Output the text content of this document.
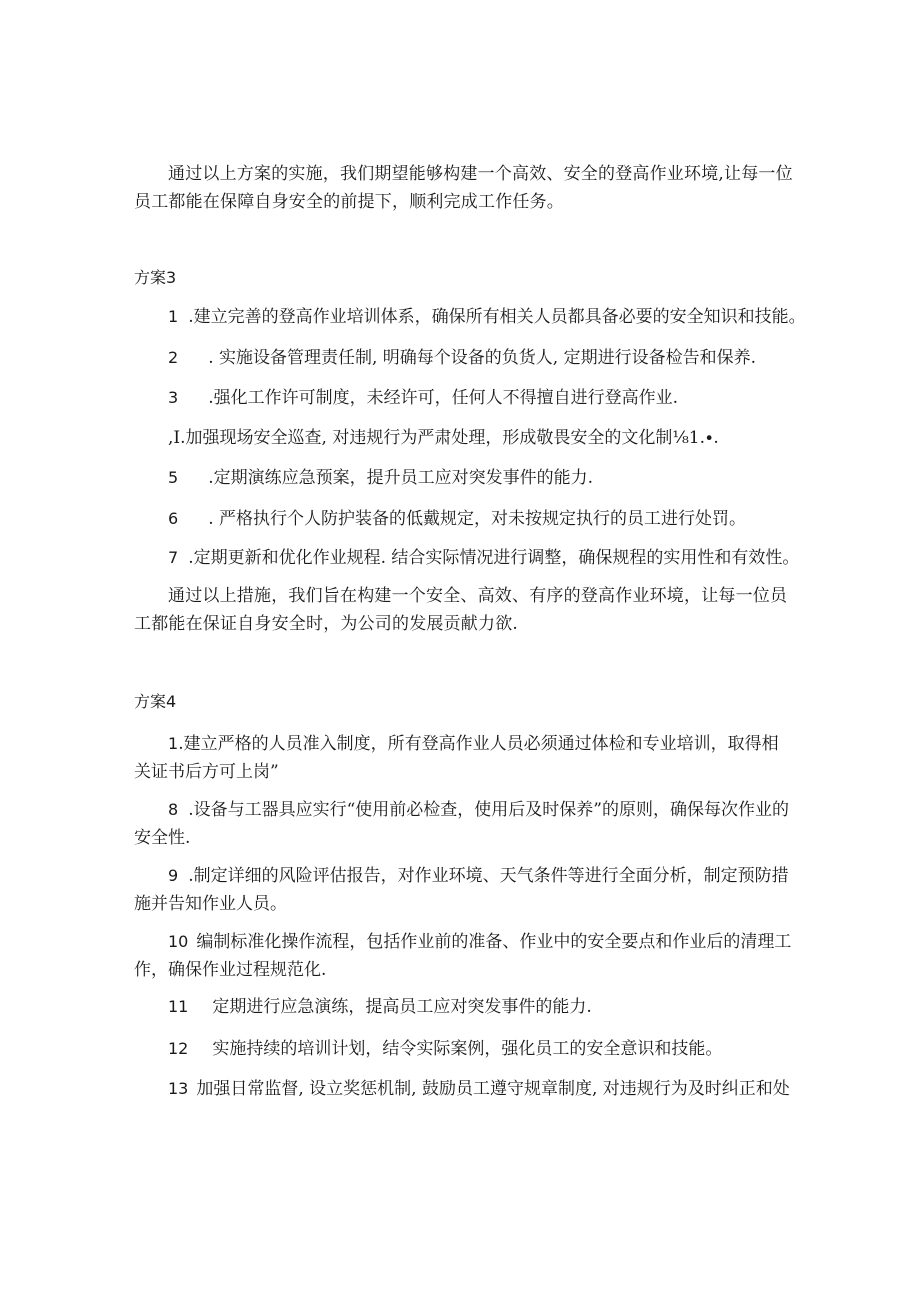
通过以上方案的实施，我们期望能够构建一个高效、安全的登高作业环境,让每一位员工都能在保障自身安全的前提下，顺利完成工作任务。

方案3

1 .建立完善的登高作业培训体系，确保所有相关人员都具备必要的安全知识和技能。

2 . 实施设备管理责任制, 明确每个设备的负货人, 定期进行设备检告和保养.

3 .强化工作许可制度，未经许可，任何人不得擅自进行登高作业.

,I.加强现场安全巡查, 对违规行为严肃处理，形成敬畏安全的文化制⅛1.∙.

5 .定期演练应急预案，提升员工应对突发事件的能力.

6 . 严格执行个人防护装备的低戴规定，对未按规定执行的员工进行处罚。

7 .定期更新和优化作业规程. 结合实际情况进行调整，确保规程的实用性和有效性。

通过以上措施，我们旨在构建一个安全、高效、有序的登高作业环境，让每一位员工都能在保证自身安全时，为公司的发展贡献力欲.

方案4

1.建立严格的人员准入制度，所有登高作业人员必须通过体检和专业培训，取得相关证书后方可上岗”

8 .设备与工器具应实行“使用前必检查，使用后及时保养”的原则，确保每次作业的安全性.

9 .制定详细的风险评估报告，对作业环境、天气条件等进行全面分析，制定预防措施并告知作业人员。

10 编制标准化操作流程，包括作业前的准备、作业中的安全要点和作业后的清理工作，确保作业过程规范化.

11 定期进行应急演练，提高员工应对突发事件的能力.

12 实施持续的培训计划，结令实际案例，强化员工的安全意识和技能。

13 加强日常监督, 设立奖惩机制, 鼓励员工遵守规章制度, 对违规行为及时纠正和处
